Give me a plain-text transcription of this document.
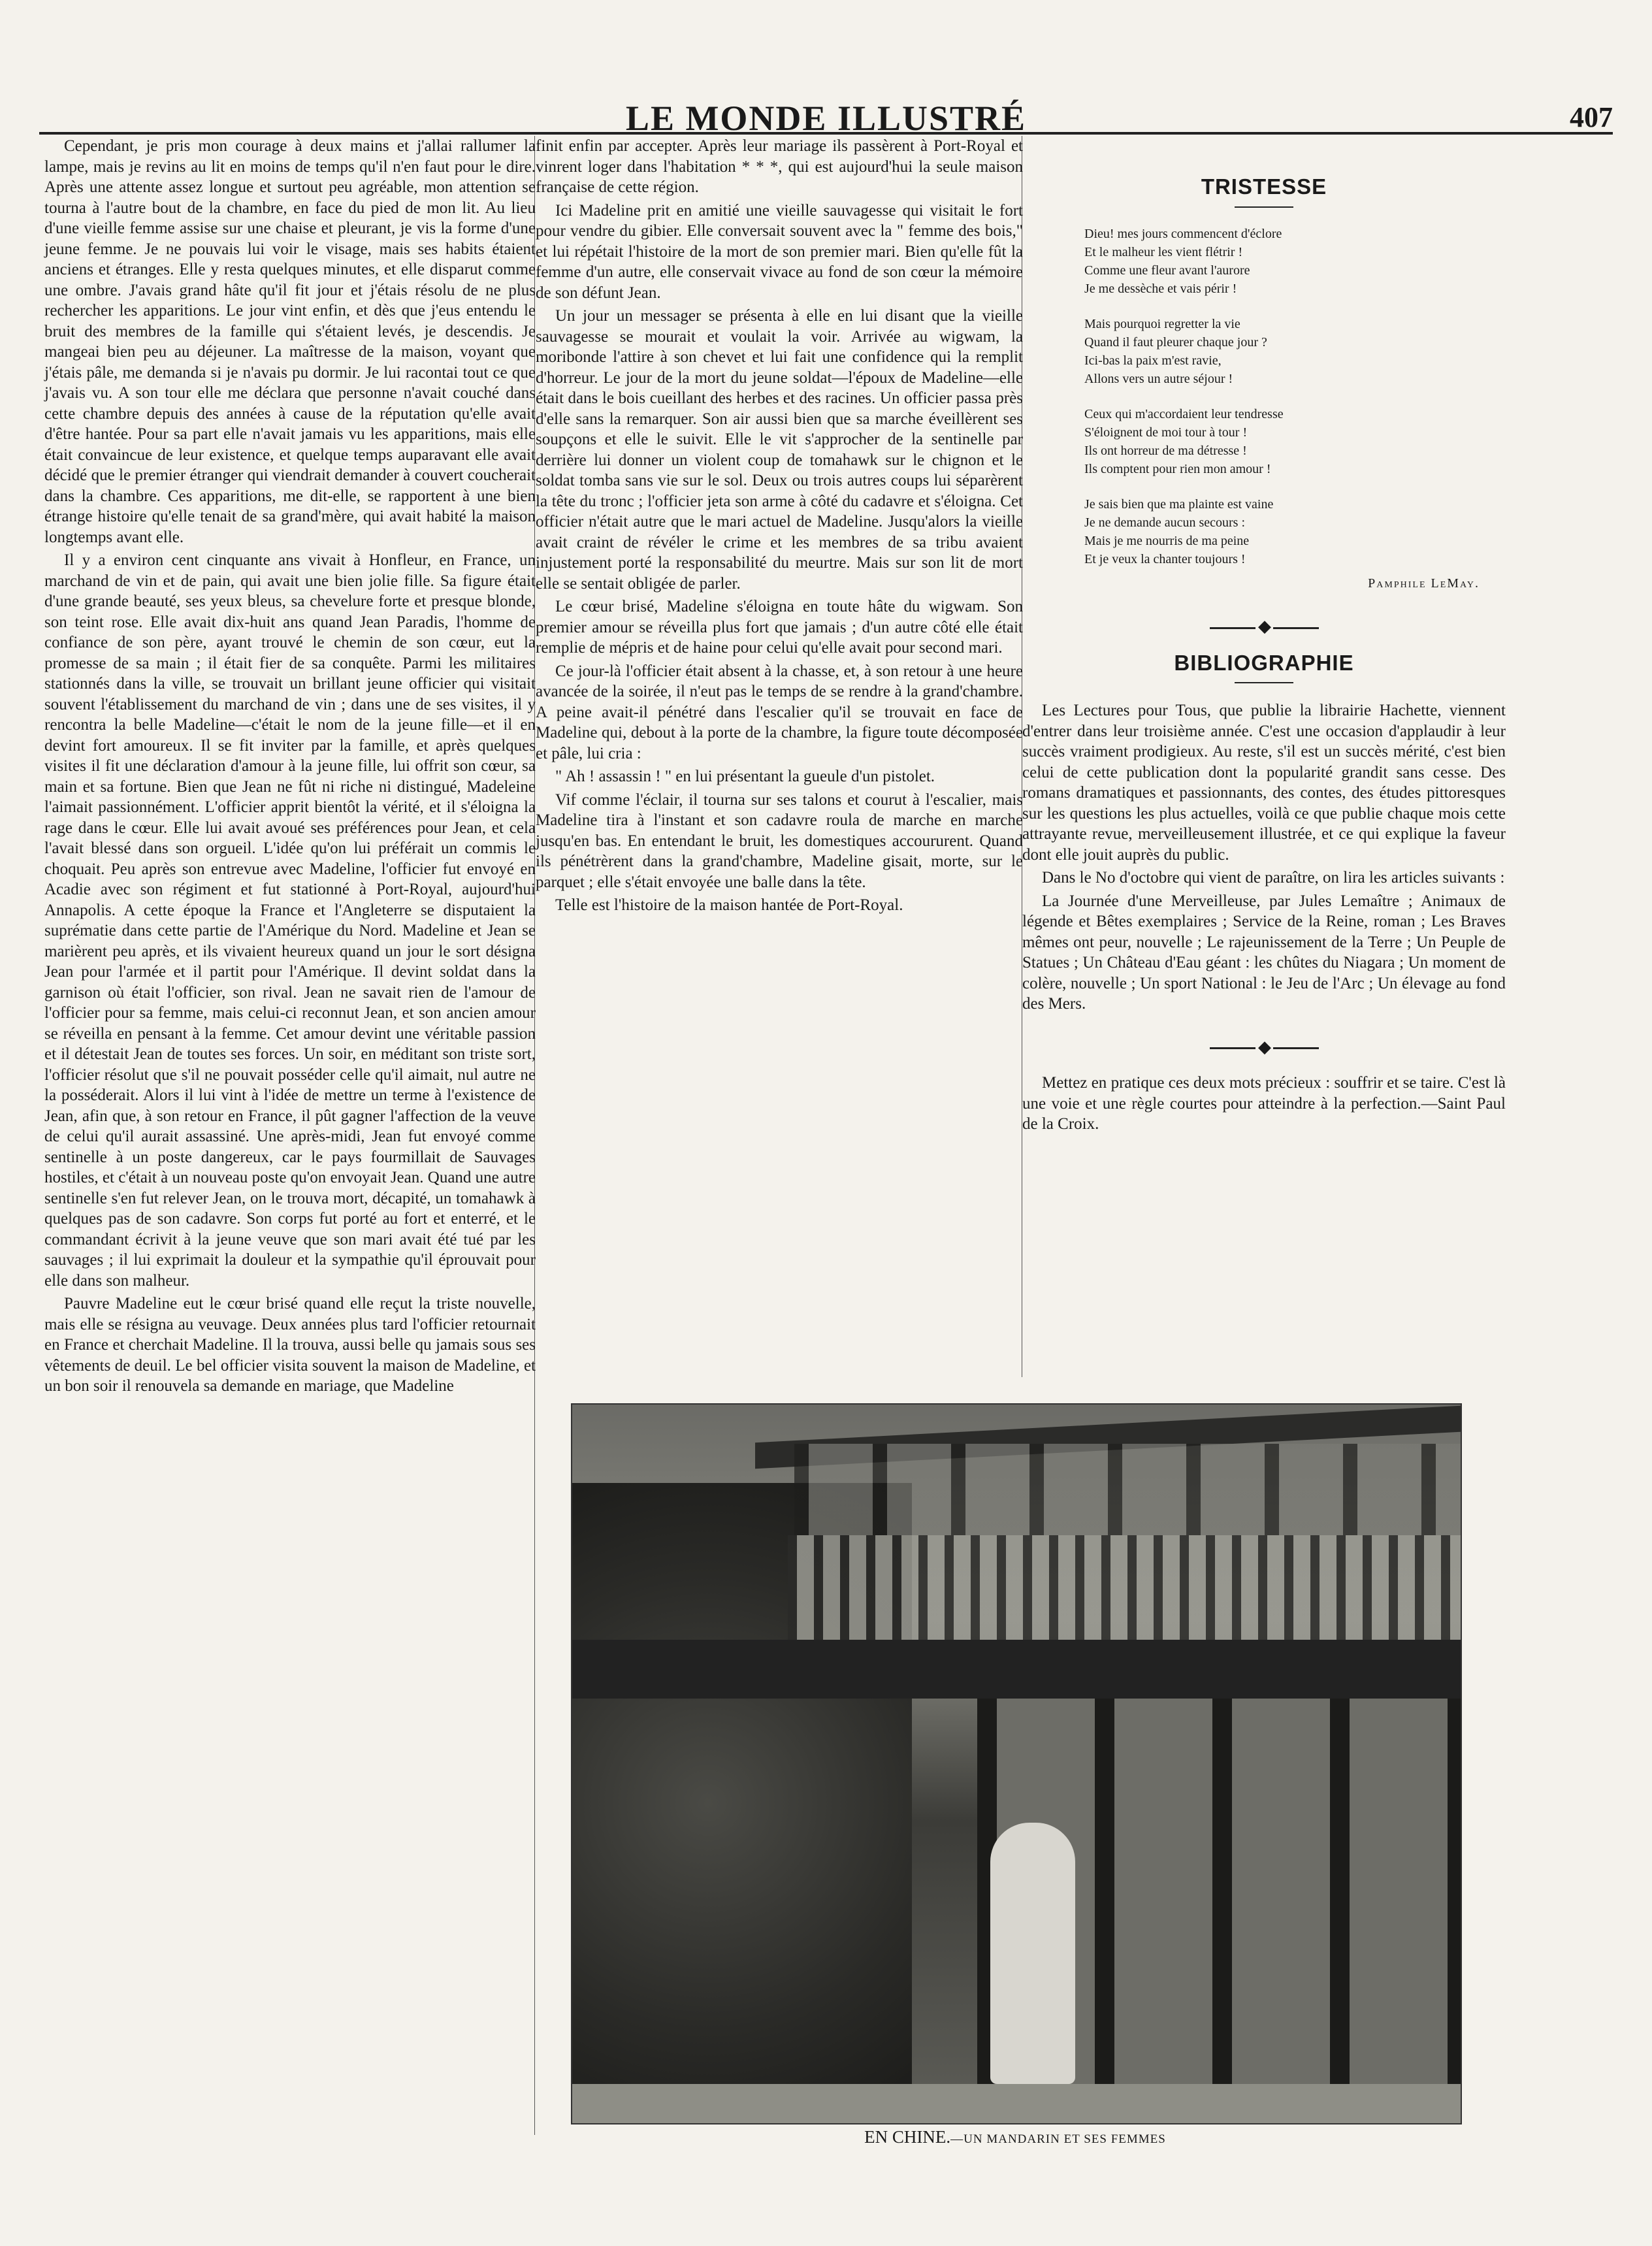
LE MONDE ILLUSTRÉ	407

Cependant, je pris mon courage à deux mains et j'allai rallumer la lampe, mais je revins au lit en moins de temps qu'il n'en faut pour le dire. Après une attente assez longue et surtout peu agréable, mon attention se tourna à l'autre bout de la chambre, en face du pied de mon lit. Au lieu d'une vieille femme assise sur une chaise et pleurant, je vis la forme d'une jeune femme. Je ne pouvais lui voir le visage, mais ses habits étaient anciens et étranges. Elle y resta quelques minutes, et elle disparut comme une ombre. J'avais grand hâte qu'il fit jour et j'étais résolu de ne plus rechercher les apparitions. Le jour vint enfin, et dès que j'eus entendu le bruit des membres de la famille qui s'étaient levés, je descendis. Je mangeai bien peu au déjeuner. La maîtresse de la maison, voyant que j'étais pâle, me demanda si je n'avais pu dormir. Je lui racontai tout ce que j'avais vu. A son tour elle me déclara que personne n'avait couché dans cette chambre depuis des années à cause de la réputation qu'elle avait d'être hantée. Pour sa part elle n'avait jamais vu les apparitions, mais elle était convaincue de leur existence, et quelque temps auparavant elle avait décidé que le premier étranger qui viendrait demander à couvert coucherait dans la chambre. Ces apparitions, me dit-elle, se rapportent à une bien étrange histoire qu'elle tenait de sa grand'mère, qui avait habité la maison longtemps avant elle.

Il y a environ cent cinquante ans vivait à Honfleur, en France, un marchand de vin et de pain, qui avait une bien jolie fille. Sa figure était d'une grande beauté, ses yeux bleus, sa chevelure forte et presque blonde, son teint rose. Elle avait dix-huit ans quand Jean Paradis, l'homme de confiance de son père, ayant trouvé le chemin de son cœur, eut la promesse de sa main ; il était fier de sa conquête. Parmi les militaires stationnés dans la ville, se trouvait un brillant jeune officier qui visitait souvent l'établissement du marchand de vin ; dans une de ses visites, il y rencontra la belle Madeline—c'était le nom de la jeune fille—et il en devint fort amoureux. Il se fit inviter par la famille, et après quelques visites il fit une déclaration d'amour à la jeune fille, lui offrit son cœur, sa main et sa fortune. Bien que Jean ne fût ni riche ni distingué, Madeleine l'aimait passionnément. L'officier apprit bientôt la vérité, et il s'éloigna la rage dans le cœur. Elle lui avait avoué ses préférences pour Jean, et cela l'avait blessé dans son orgueil. L'idée qu'on lui préférait un commis le choquait. Peu après son entrevue avec Madeline, l'officier fut envoyé en Acadie avec son régiment et fut stationné à Port-Royal, aujourd'hui Annapolis. A cette époque la France et l'Angleterre se disputaient la suprématie dans cette partie de l'Amérique du Nord. Madeline et Jean se marièrent peu après, et ils vivaient heureux quand un jour le sort désigna Jean pour l'armée et il partit pour l'Amérique. Il devint soldat dans la garnison où était l'officier, son rival. Jean ne savait rien de l'amour de l'officier pour sa femme, mais celui-ci reconnut Jean, et son ancien amour se réveilla en pensant à la femme. Cet amour devint une véritable passion et il détestait Jean de toutes ses forces. Un soir, en méditant son triste sort, l'officier résolut que s'il ne pouvait posséder celle qu'il aimait, nul autre ne la posséderait. Alors il lui vint à l'idée de mettre un terme à l'existence de Jean, afin que, à son retour en France, il pût gagner l'affection de la veuve de celui qu'il aurait assassiné. Une après-midi, Jean fut envoyé comme sentinelle à un poste dangereux, car le pays fourmillait de Sauvages hostiles, et c'était à un nouveau poste qu'on envoyait Jean. Quand une autre sentinelle s'en fut relever Jean, on le trouva mort, décapité, un tomahawk à quelques pas de son cadavre. Son corps fut porté au fort et enterré, et le commandant écrivit à la jeune veuve que son mari avait été tué par les sauvages ; il lui exprimait la douleur et la sympathie qu'il éprouvait pour elle dans son malheur.

Pauvre Madeline eut le cœur brisé quand elle reçut la triste nouvelle, mais elle se résigna au veuvage. Deux années plus tard l'officier retournait en France et cherchait Madeline. Il la trouva, aussi belle qu jamais sous ses vêtements de deuil. Le bel officier visita souvent la maison de Madeline, et un bon soir il renouvela sa demande en mariage, que Madeline

finit enfin par accepter. Après leur mariage ils passèrent à Port-Royal et vinrent loger dans l'habitation * * *, qui est aujourd'hui la seule maison française de cette région.

Ici Madeline prit en amitié une vieille sauvagesse qui visitait le fort pour vendre du gibier. Elle conversait souvent avec la " femme des bois," et lui répétait l'histoire de la mort de son premier mari. Bien qu'elle fût la femme d'un autre, elle conservait vivace au fond de son cœur la mémoire de son défunt Jean.

Un jour un messager se présenta à elle en lui disant que la vieille sauvagesse se mourait et voulait la voir. Arrivée au wigwam, la moribonde l'attire à son chevet et lui fait une confidence qui la remplit d'horreur. Le jour de la mort du jeune soldat—l'époux de Madeline—elle était dans le bois cueillant des herbes et des racines. Un officier passa près d'elle sans la remarquer. Son air aussi bien que sa marche éveillèrent ses soupçons et elle le suivit. Elle le vit s'approcher de la sentinelle par derrière lui donner un violent coup de tomahawk sur le chignon et le soldat tomba sans vie sur le sol. Deux ou trois autres coups lui séparèrent la tête du tronc ; l'officier jeta son arme à côté du cadavre et s'éloigna. Cet officier n'était autre que le mari actuel de Madeline. Jusqu'alors la vieille avait craint de révéler le crime et les membres de sa tribu avaient injustement porté la responsabilité du meurtre. Mais sur son lit de mort elle se sentait obligée de parler.

Le cœur brisé, Madeline s'éloigna en toute hâte du wigwam. Son premier amour se réveilla plus fort que jamais ; d'un autre côté elle était remplie de mépris et de haine pour celui qu'elle avait pour second mari.

Ce jour-là l'officier était absent à la chasse, et, à son retour à une heure avancée de la soirée, il n'eut pas le temps de se rendre à la grand'chambre. A peine avait-il pénétré dans l'escalier qu'il se trouvait en face de Madeline qui, debout à la porte de la chambre, la figure toute décomposée et pâle, lui cria :

" Ah ! assassin ! " en lui présentant la gueule d'un pistolet.

Vif comme l'éclair, il tourna sur ses talons et courut à l'escalier, mais Madeline tira à l'instant et son cadavre roula de marche en marche jusqu'en bas. En entendant le bruit, les domestiques accoururent. Quand ils pénétrèrent dans la grand'chambre, Madeline gisait, morte, sur le parquet ; elle s'était envoyée une balle dans la tête.

Telle est l'histoire de la maison hantée de Port-Royal.

TRISTESSE
Dieu! mes jours commencent d'éclore
Et le malheur les vient flétrir !
Comme une fleur avant l'aurore
Je me dessèche et vais périr !
Mais pourquoi regretter la vie
Quand il faut pleurer chaque jour ?
Ici-bas la paix m'est ravie,
Allons vers un autre séjour !
Ceux qui m'accordaient leur tendresse
S'éloignent de moi tour à tour !
Ils ont horreur de ma détresse !
Ils comptent pour rien mon amour !
Je sais bien que ma plainte est vaine
Je ne demande aucun secours :
Mais je me nourris de ma peine
Et je veux la chanter toujours !
Pamphile LeMay.
◆
BIBLIOGRAPHIE

Les Lectures pour Tous, que publie la librairie Hachette, viennent d'entrer dans leur troisième année. C'est une occasion d'applaudir à leur succès vraiment prodigieux. Au reste, s'il est un succès mérité, c'est bien celui de cette publication dont la popularité grandit sans cesse. Des romans dramatiques et passionnants, des contes, des études pittoresques sur les questions les plus actuelles, voilà ce que publie chaque mois cette attrayante revue, merveilleusement illustrée, et ce qui explique la faveur dont elle jouit auprès du public.

Dans le No d'octobre qui vient de paraître, on lira les articles suivants :

La Journée d'une Merveilleuse, par Jules Lemaître ; Animaux de légende et Bêtes exemplaires ; Service de la Reine, roman ; Les Braves mêmes ont peur, nouvelle ; Le rajeunissement de la Terre ; Un Peuple de Statues ; Un Château d'Eau géant : les chûtes du Niagara ; Un moment de colère, nouvelle ; Un sport National : le Jeu de l'Arc ; Un élevage au fond des Mers.

◆

Mettez en pratique ces deux mots précieux : souffrir et se taire. C'est là une voie et une règle courtes pour atteindre à la perfection.—Saint Paul de la Croix.

EN CHINE.—UN MANDARIN ET SES FEMMES
